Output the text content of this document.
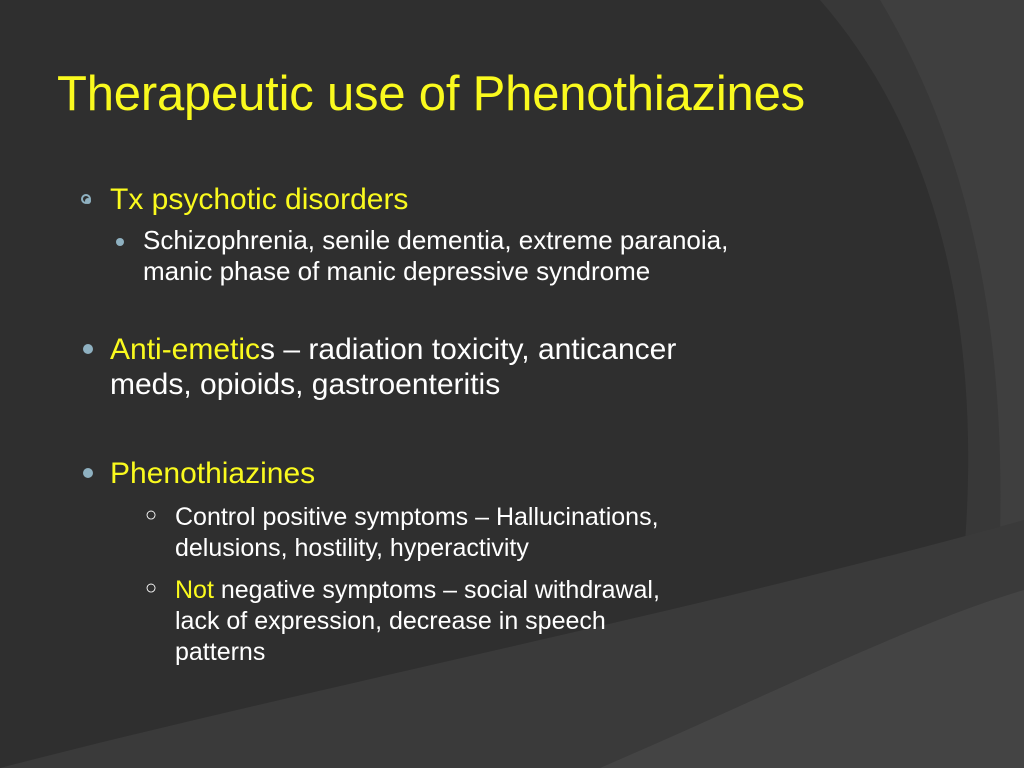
Therapeutic use of Phenothiazines
Tx psychotic disorders
Schizophrenia, senile dementia, extreme paranoia,
manic phase of manic depressive syndrome
Anti-emetics – radiation toxicity, anticancer
meds, opioids, gastroenteritis
Phenothiazines
○ Control positive symptoms – Hallucinations,
delusions, hostility, hyperactivity
○ Not negative symptoms – social withdrawal,
lack of expression, decrease in speech
patterns
